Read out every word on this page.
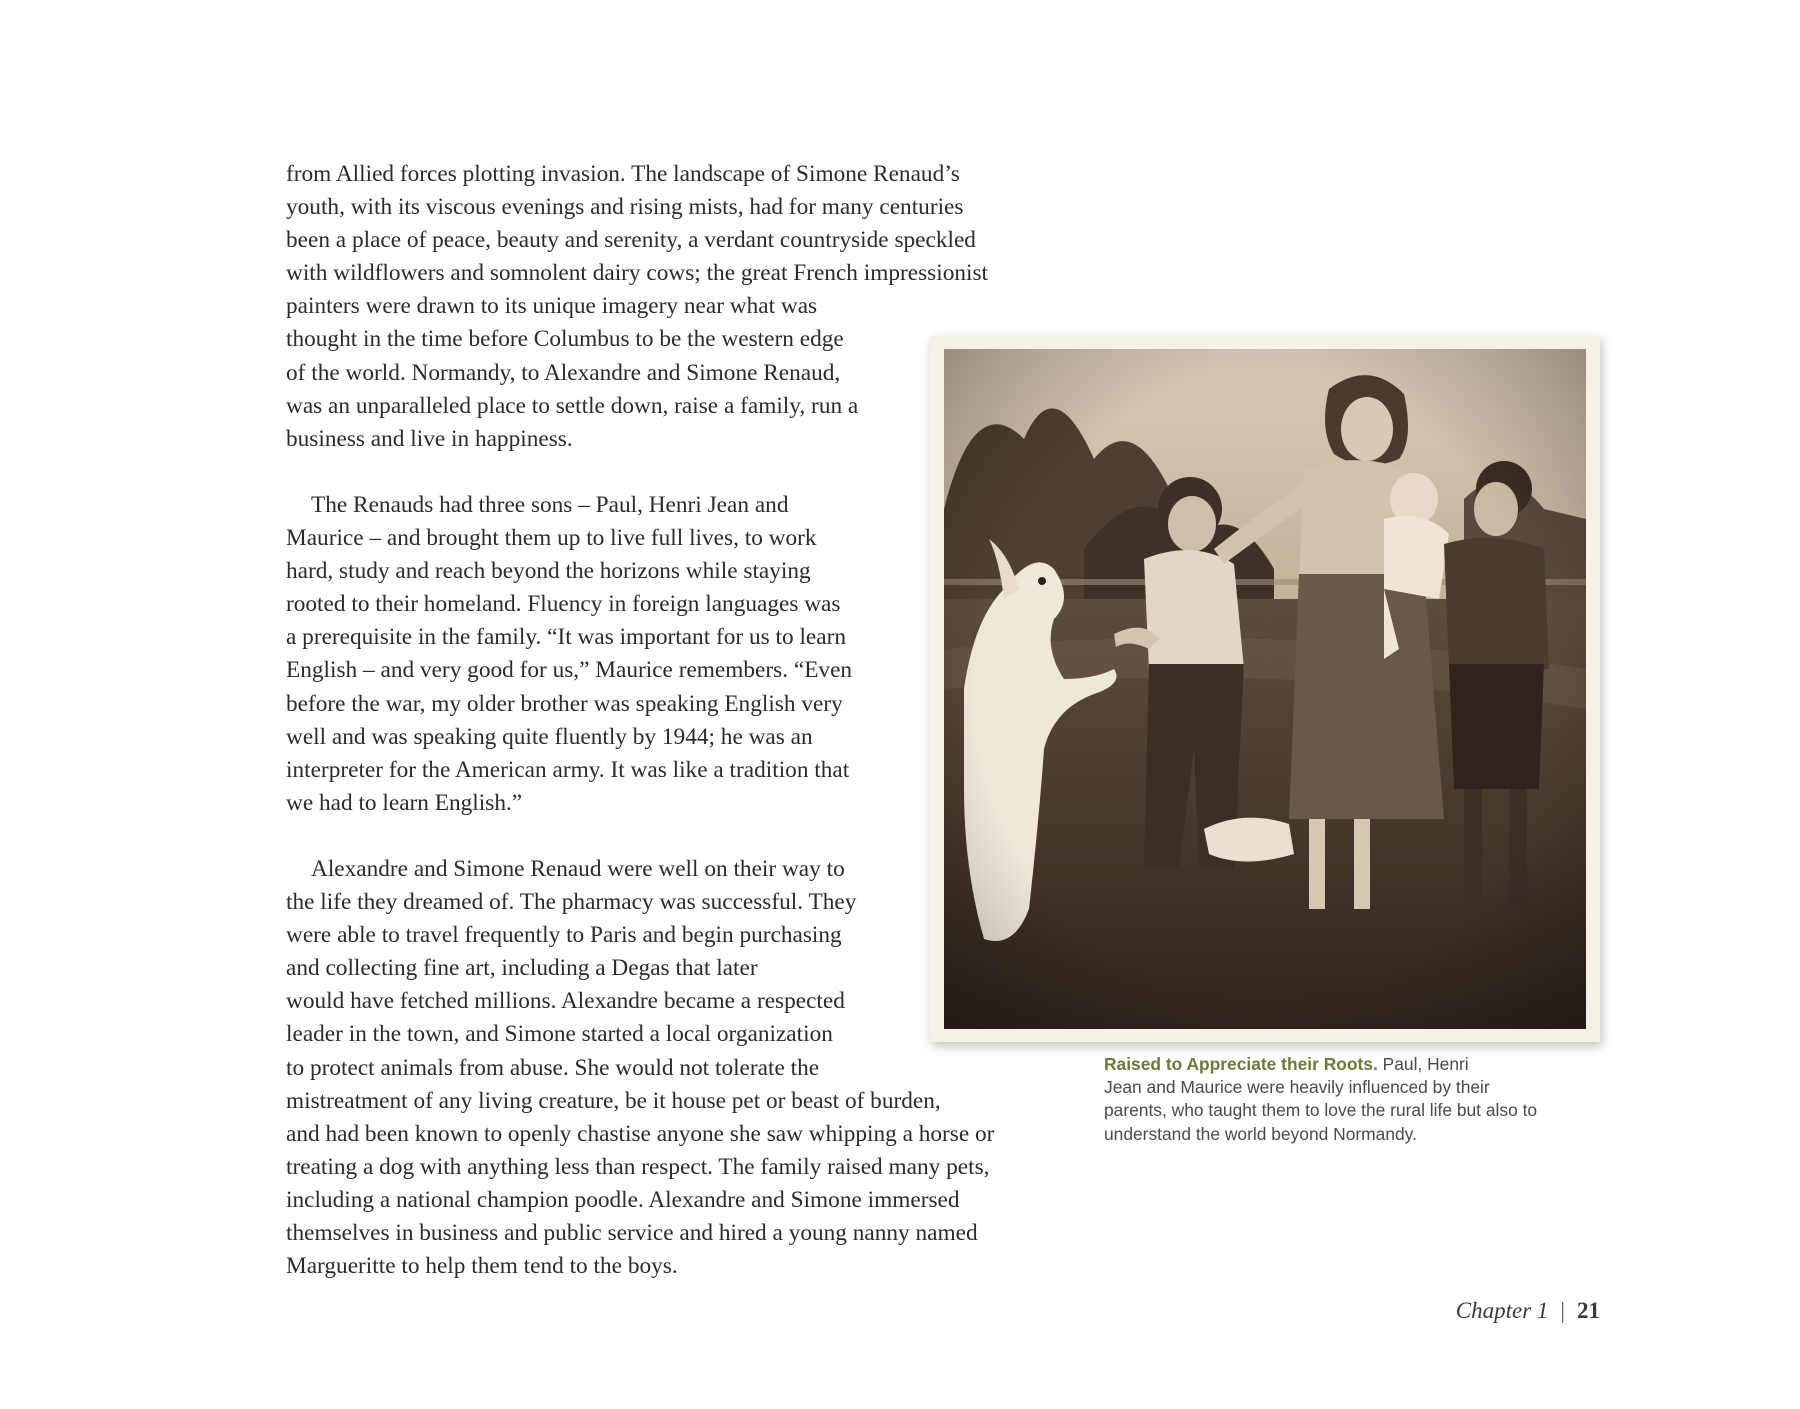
from Allied forces plotting invasion. The landscape of Simone Renaud’s
youth, with its viscous evenings and rising mists, had for many centuries
been a place of peace, beauty and serenity, a verdant countryside speckled
with wildflowers and somnolent dairy cows; the great French impressionist
painters were drawn to its unique imagery near what was
thought in the time before Columbus to be the western edge
of the world. Normandy, to Alexandre and Simone Renaud,
was an unparalleled place to settle down, raise a family, run a
business and live in happiness.
The Renauds had three sons – Paul, Henri Jean and
Maurice – and brought them up to live full lives, to work
hard, study and reach beyond the horizons while staying
rooted to their homeland. Fluency in foreign languages was
a prerequisite in the family. “It was important for us to learn
English – and very good for us,” Maurice remembers. “Even
before the war, my older brother was speaking English very
well and was speaking quite fluently by 1944; he was an
interpreter for the American army. It was like a tradition that
we had to learn English.”
Alexandre and Simone Renaud were well on their way to
the life they dreamed of. The pharmacy was successful. They
were able to travel frequently to Paris and begin purchasing
and collecting fine art, including a Degas that later
would have fetched millions. Alexandre became a respected
leader in the town, and Simone started a local organization
to protect animals from abuse. She would not tolerate the
mistreatment of any living creature, be it house pet or beast of burden,
and had been known to openly chastise anyone she saw whipping a horse or
treating a dog with anything less than respect. The family raised many pets,
including a national champion poodle. Alexandre and Simone immersed
themselves in business and public service and hired a young nanny named
Margueritte to help them tend to the boys.
Raised to Appreciate their Roots. Paul, Henri
Jean and Maurice were heavily influenced by their
parents, who taught them to love the rural life but also to
understand the world beyond Normandy.
Chapter 1 | 21
